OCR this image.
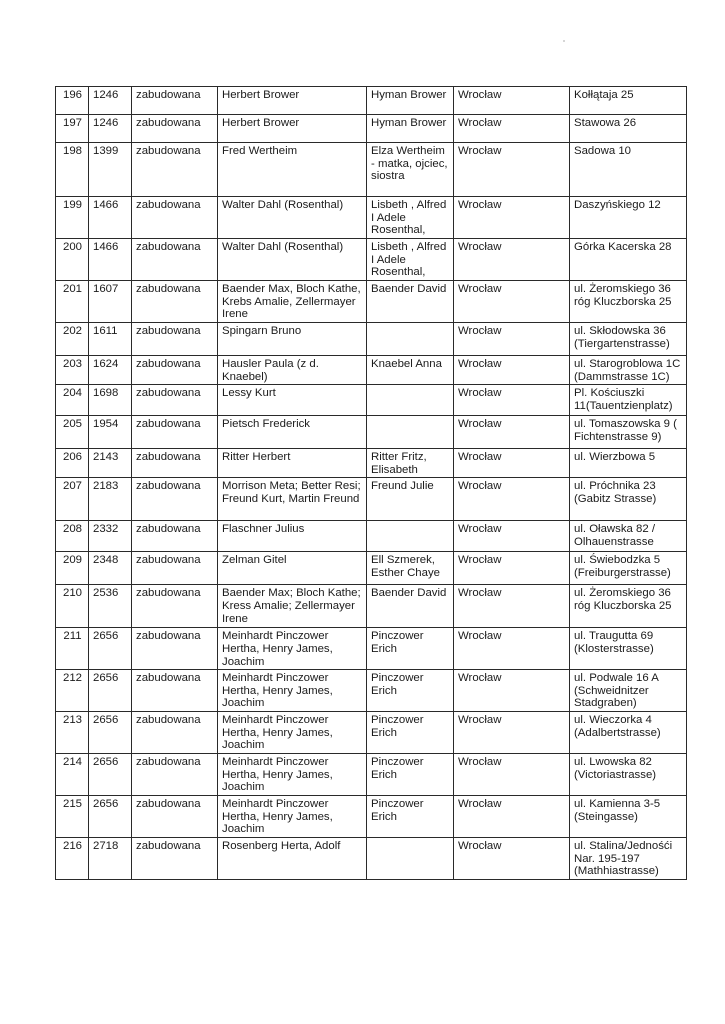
196	1246	zabudowana	Herbert Brower	Hyman Brower	Wrocław	Kołłątaja 25
197	1246	zabudowana	Herbert Brower	Hyman Brower	Wrocław	Stawowa 26
198	1399	zabudowana	Fred Wertheim	Elza Wertheim - matka, ojciec, siostra	Wrocław	Sadowa 10
199	1466	zabudowana	Walter Dahl (Rosenthal)	Lisbeth , Alfred I Adele Rosenthal,	Wrocław	Daszyńskiego 12
200	1466	zabudowana	Walter Dahl (Rosenthal)	Lisbeth , Alfred I Adele Rosenthal,	Wrocław	Górka Kacerska 28
201	1607	zabudowana	Baender Max, Bloch Kathe, Krebs Amalie, Zellermayer Irene	Baender David	Wrocław	ul. Żeromskiego 36 róg Kluczborska 25
202	1611	zabudowana	Spingarn Bruno		Wrocław	ul. Skłodowska 36 (Tiergartenstrasse)
203	1624	zabudowana	Hausler Paula (z d. Knaebel)	Knaebel Anna	Wrocław	ul. Starogroblowa 1C (Dammstrasse 1C)
204	1698	zabudowana	Lessy Kurt		Wrocław	Pl. Kościuszki 11(Tauentzienplatz)
205	1954	zabudowana	Pietsch Frederick		Wrocław	ul. Tomaszowska 9 ( Fichtenstrasse 9)
206	2143	zabudowana	Ritter Herbert	Ritter Fritz, Elisabeth	Wrocław	ul. Wierzbowa 5
207	2183	zabudowana	Morrison Meta; Better Resi; Freund Kurt, Martin Freund	Freund Julie	Wrocław	ul. Próchnika 23 (Gabitz Strasse)
208	2332	zabudowana	Flaschner Julius		Wrocław	ul. Oławska 82 / Olhauenstrasse
209	2348	zabudowana	Zelman Gitel	Ell Szmerek, Esther Chaye	Wrocław	ul. Świebodzka 5 (Freiburgerstrasse)
210	2536	zabudowana	Baender Max; Bloch Kathe; Kress Amalie; Zellermayer Irene	Baender David	Wrocław	ul. Żeromskiego 36 róg Kluczborska 25
211	2656	zabudowana	Meinhardt Pinczower Hertha, Henry James, Joachim	Pinczower Erich	Wrocław	ul. Traugutta 69 (Klosterstrasse)
212	2656	zabudowana	Meinhardt Pinczower Hertha, Henry James, Joachim	Pinczower Erich	Wrocław	ul. Podwale 16 A (Schweidnitzer Stadgraben)
213	2656	zabudowana	Meinhardt Pinczower Hertha, Henry James, Joachim	Pinczower Erich	Wrocław	ul. Wieczorka 4 (Adalbertstrasse)
214	2656	zabudowana	Meinhardt Pinczower Hertha, Henry James, Joachim	Pinczower Erich	Wrocław	ul. Lwowska 82 (Victoriastrasse)
215	2656	zabudowana	Meinhardt Pinczower Hertha, Henry James, Joachim	Pinczower Erich	Wrocław	ul. Kamienna 3-5 (Steingasse)
216	2718	zabudowana	Rosenberg Herta, Adolf		Wrocław	ul. Stalina/Jednośći Nar. 195-197 (Mathhiastrasse)
